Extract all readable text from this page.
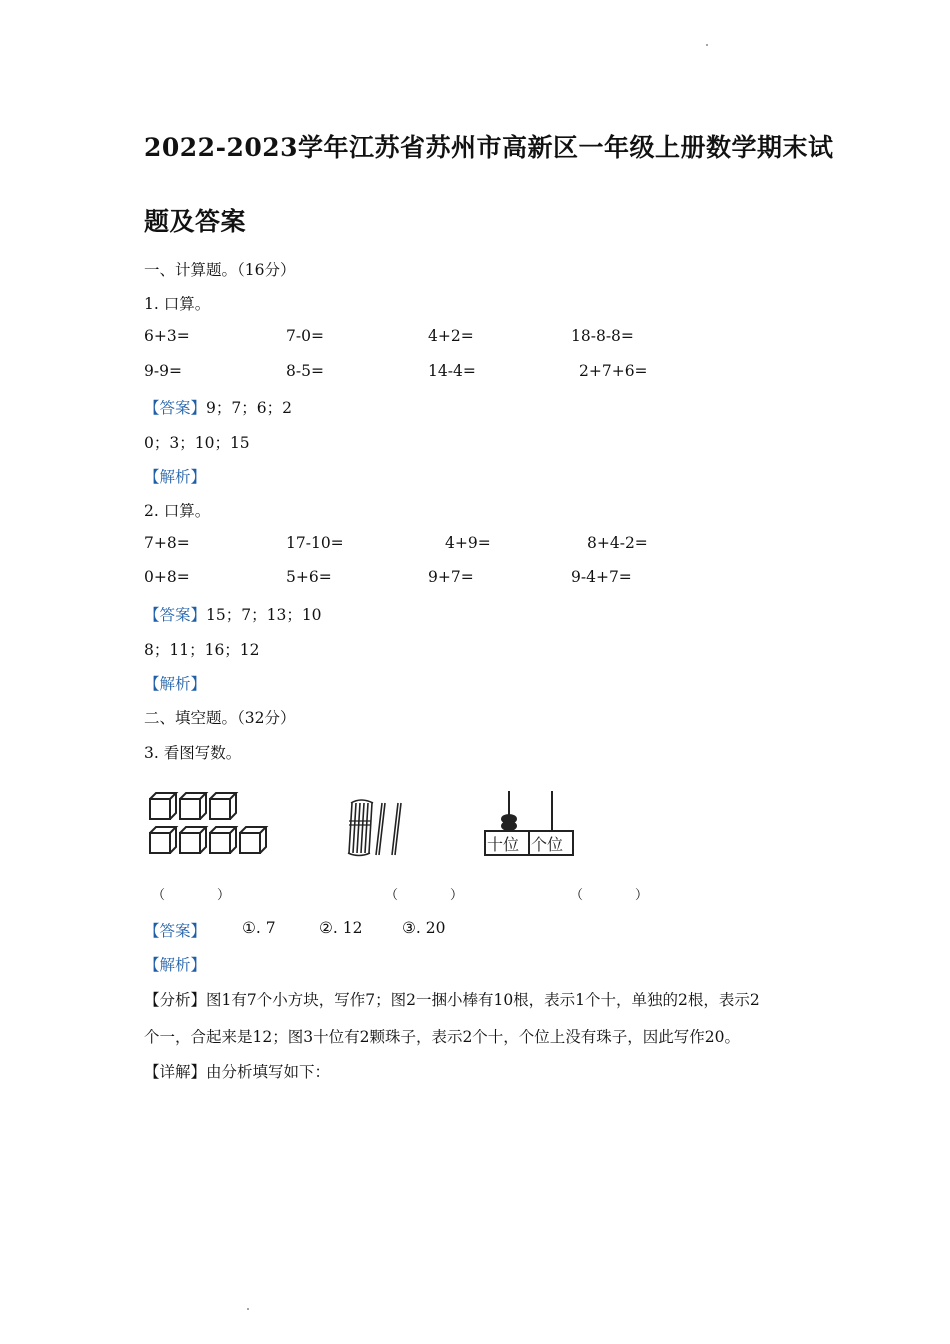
2022-2023学年江苏省苏州市高新区一年级上册数学期末试
题及答案
一、计算题。（16分）
1. 口算。
6+3=	7-0=	4+2=	18-8-8=
9-9=	8-5=	14-4=	2+7+6=
【答案】9；7；6；2
0；3；10；15
【解析】
2. 口算。
7+8=	17-10=	4+9=	8+4-2=
0+8=	5+6=	9+7=	9-4+7=
【答案】15；7；13；10
8；11；16；12
【解析】
二、填空题。（32分）
3. 看图写数。
十位 个位
（　　　　）	（　　　　）	（　　　　）
【答案】 ①. 7	②. 12	③. 20
【解析】
【分析】图1有7个小方块，写作7；图2一捆小棒有10根，表示1个十，单独的2根，表示2
个一，合起来是12；图3十位有2颗珠子，表示2个十，个位上没有珠子，因此写作20。
【详解】由分析填写如下：
